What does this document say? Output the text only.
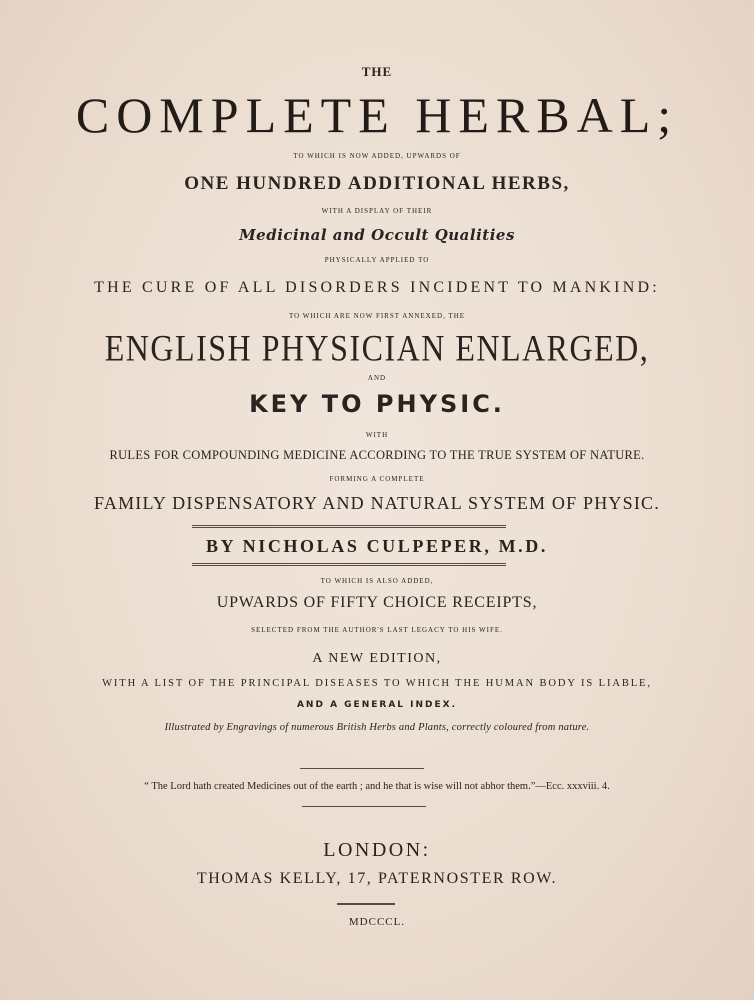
THE
COMPLETE HERBAL;
TO WHICH IS NOW ADDED, UPWARDS OF
ONE HUNDRED ADDITIONAL HERBS,
WITH A DISPLAY OF THEIR
Medicinal and Occult Qualities
PHYSICALLY APPLIED TO
THE CURE OF ALL DISORDERS INCIDENT TO MANKIND:
TO WHICH ARE NOW FIRST ANNEXED, THE
ENGLISH PHYSICIAN ENLARGED,
AND
KEY TO PHYSIC.
WITH
RULES FOR COMPOUNDING MEDICINE ACCORDING TO THE TRUE SYSTEM OF NATURE.
FORMING A COMPLETE
FAMILY DISPENSATORY AND NATURAL SYSTEM OF PHYSIC.
BY NICHOLAS CULPEPER, M.D.
TO WHICH IS ALSO ADDED,
UPWARDS OF FIFTY CHOICE RECEIPTS,
SELECTED FROM THE AUTHOR'S LAST LEGACY TO HIS WIFE.
A NEW EDITION,
WITH A LIST OF THE PRINCIPAL DISEASES TO WHICH THE HUMAN BODY IS LIABLE,
AND A GENERAL INDEX.
Illustrated by Engravings of numerous British Herbs and Plants, correctly coloured from nature.
“ The Lord hath created Medicines out of the earth ; and he that is wise will not abhor them.”—Ecc. xxxviii. 4.
LONDON:
THOMAS KELLY, 17, PATERNOSTER ROW.
MDCCCL.
